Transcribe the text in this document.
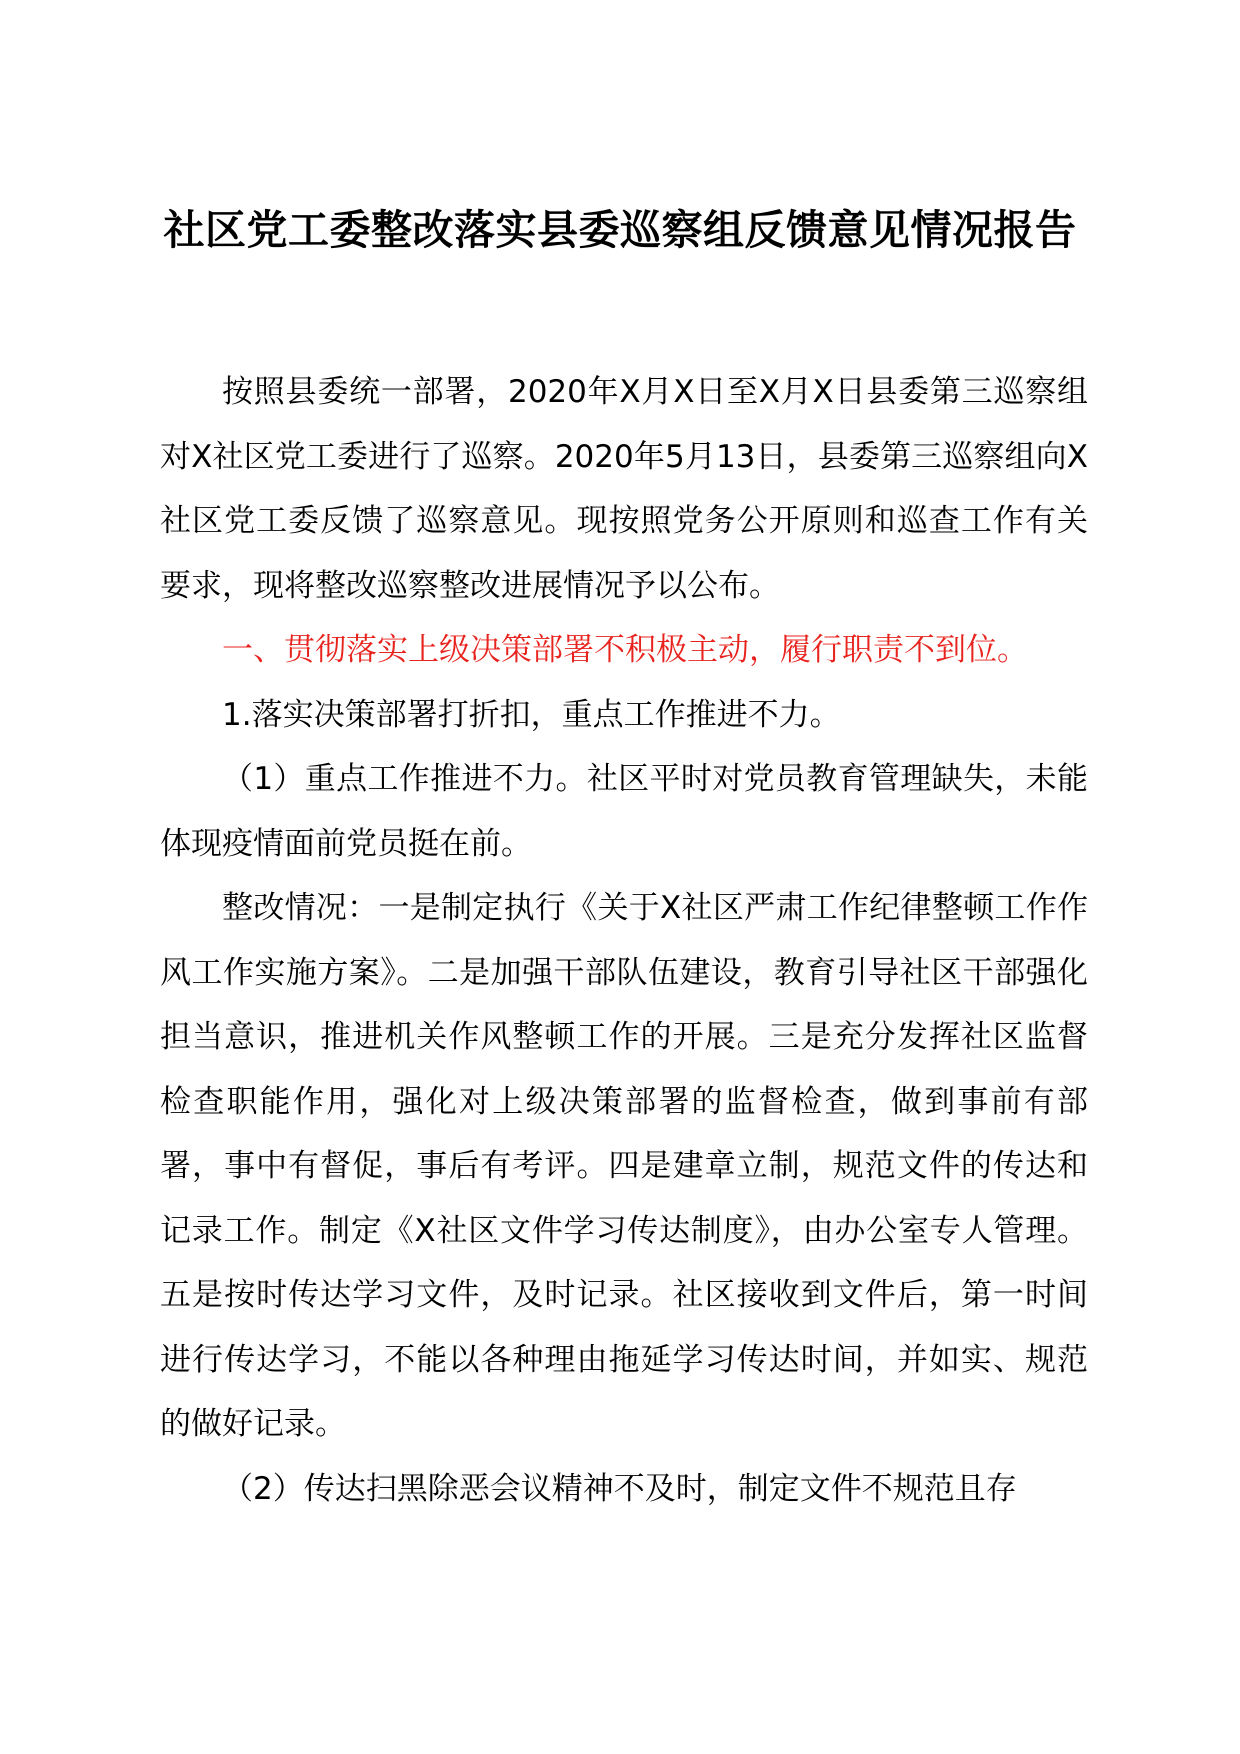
社区党工委整改落实县委巡察组反馈意见情况报告

按照县委统一部署，2020年X月X日至X月X日县委第三巡察组对X社区党工委进行了巡察。2020年5月13日，县委第三巡察组向X社区党工委反馈了巡察意见。现按照党务公开原则和巡查工作有关要求，现将整改巡察整改进展情况予以公布。

一、贯彻落实上级决策部署不积极主动，履行职责不到位。

1.落实决策部署打折扣，重点工作推进不力。

（1）重点工作推进不力。社区平时对党员教育管理缺失，未能体现疫情面前党员挺在前。

整改情况：一是制定执行《关于X社区严肃工作纪律整顿工作作风工作实施方案》。二是加强干部队伍建设，教育引导社区干部强化担当意识，推进机关作风整顿工作的开展。三是充分发挥社区监督检查职能作用，强化对上级决策部署的监督检查，做到事前有部署，事中有督促，事后有考评。四是建章立制，规范文件的传达和记录工作。制定《X社区文件学习传达制度》，由办公室专人管理。五是按时传达学习文件，及时记录。社区接收到文件后，第一时间进行传达学习，不能以各种理由拖延学习传达时间，并如实、规范的做好记录。

（2）传达扫黑除恶会议精神不及时，制定文件不规范且存
